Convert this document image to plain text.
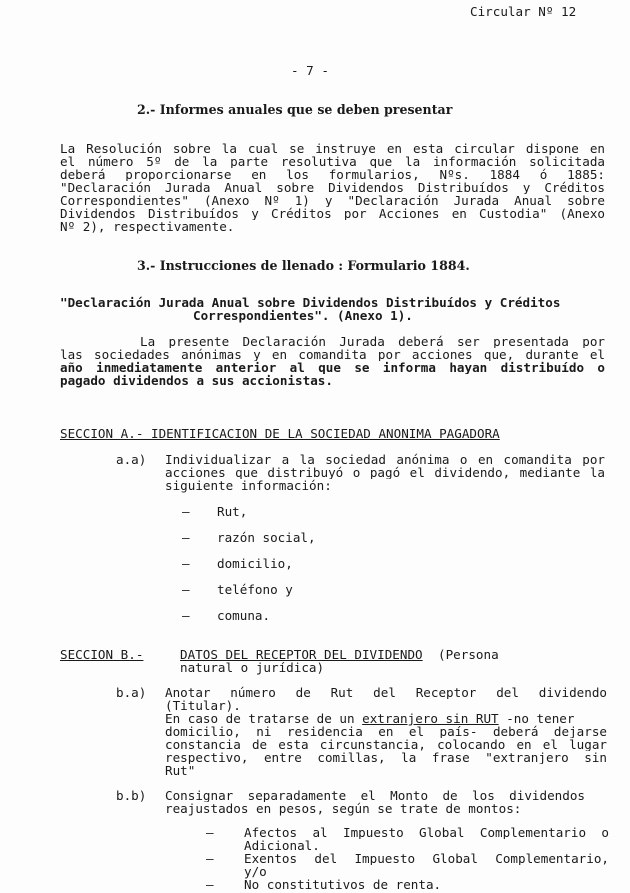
Circular Nº 12
- 7 -
2.- Informes anuales que se deben presentar
La Resolución sobre la cual se instruye en esta circular dispone en
el número 5º de la parte resolutiva que la información solicitada
deberá proporcionarse en los formularios, Nºs. 1884 ó 1885:
"Declaración Jurada Anual sobre Dividendos Distribuídos y Créditos
Correspondientes" (Anexo Nº 1) y "Declaración Jurada Anual sobre
Dividendos Distribuídos y Créditos por Acciones en Custodia" (Anexo
Nº 2), respectivamente.
3.- Instrucciones de llenado : Formulario 1884.
"Declaración Jurada Anual sobre Dividendos Distribuídos y Créditos
Correspondientes". (Anexo 1).
La presente Declaración Jurada deberá ser presentada por
las sociedades anónimas y en comandita por acciones que, durante el
año inmediatamente anterior al que se informa hayan distribuído o
pagado dividendos a sus accionistas.
SECCION A.- IDENTIFICACION DE LA SOCIEDAD ANONIMA PAGADORA
a.a) Individualizar a la sociedad anónima o en comandita por
acciones que distribuyó o pagó el dividendo, mediante la
siguiente información:
– Rut,
– razón social,
– domicilio,
– teléfono y
– comuna.
SECCION B.-	DATOS DEL RECEPTOR DEL DIVIDENDO (Persona
natural o jurídica)
b.a) Anotar número de Rut del Receptor del dividendo
(Titular).
En caso de tratarse de un extranjero sin RUT -no tener
domicilio, ni residencia en el país- deberá dejarse
constancia de esta circunstancia, colocando en el lugar
respectivo, entre comillas, la frase "extranjero sin
Rut"
b.b) Consignar separadamente el Monto de los dividendos
reajustados en pesos, según se trate de montos:
– Afectos al Impuesto Global Complementario o
Adicional.
– Exentos del Impuesto Global Complementario,
y/o
– No constitutivos de renta.
